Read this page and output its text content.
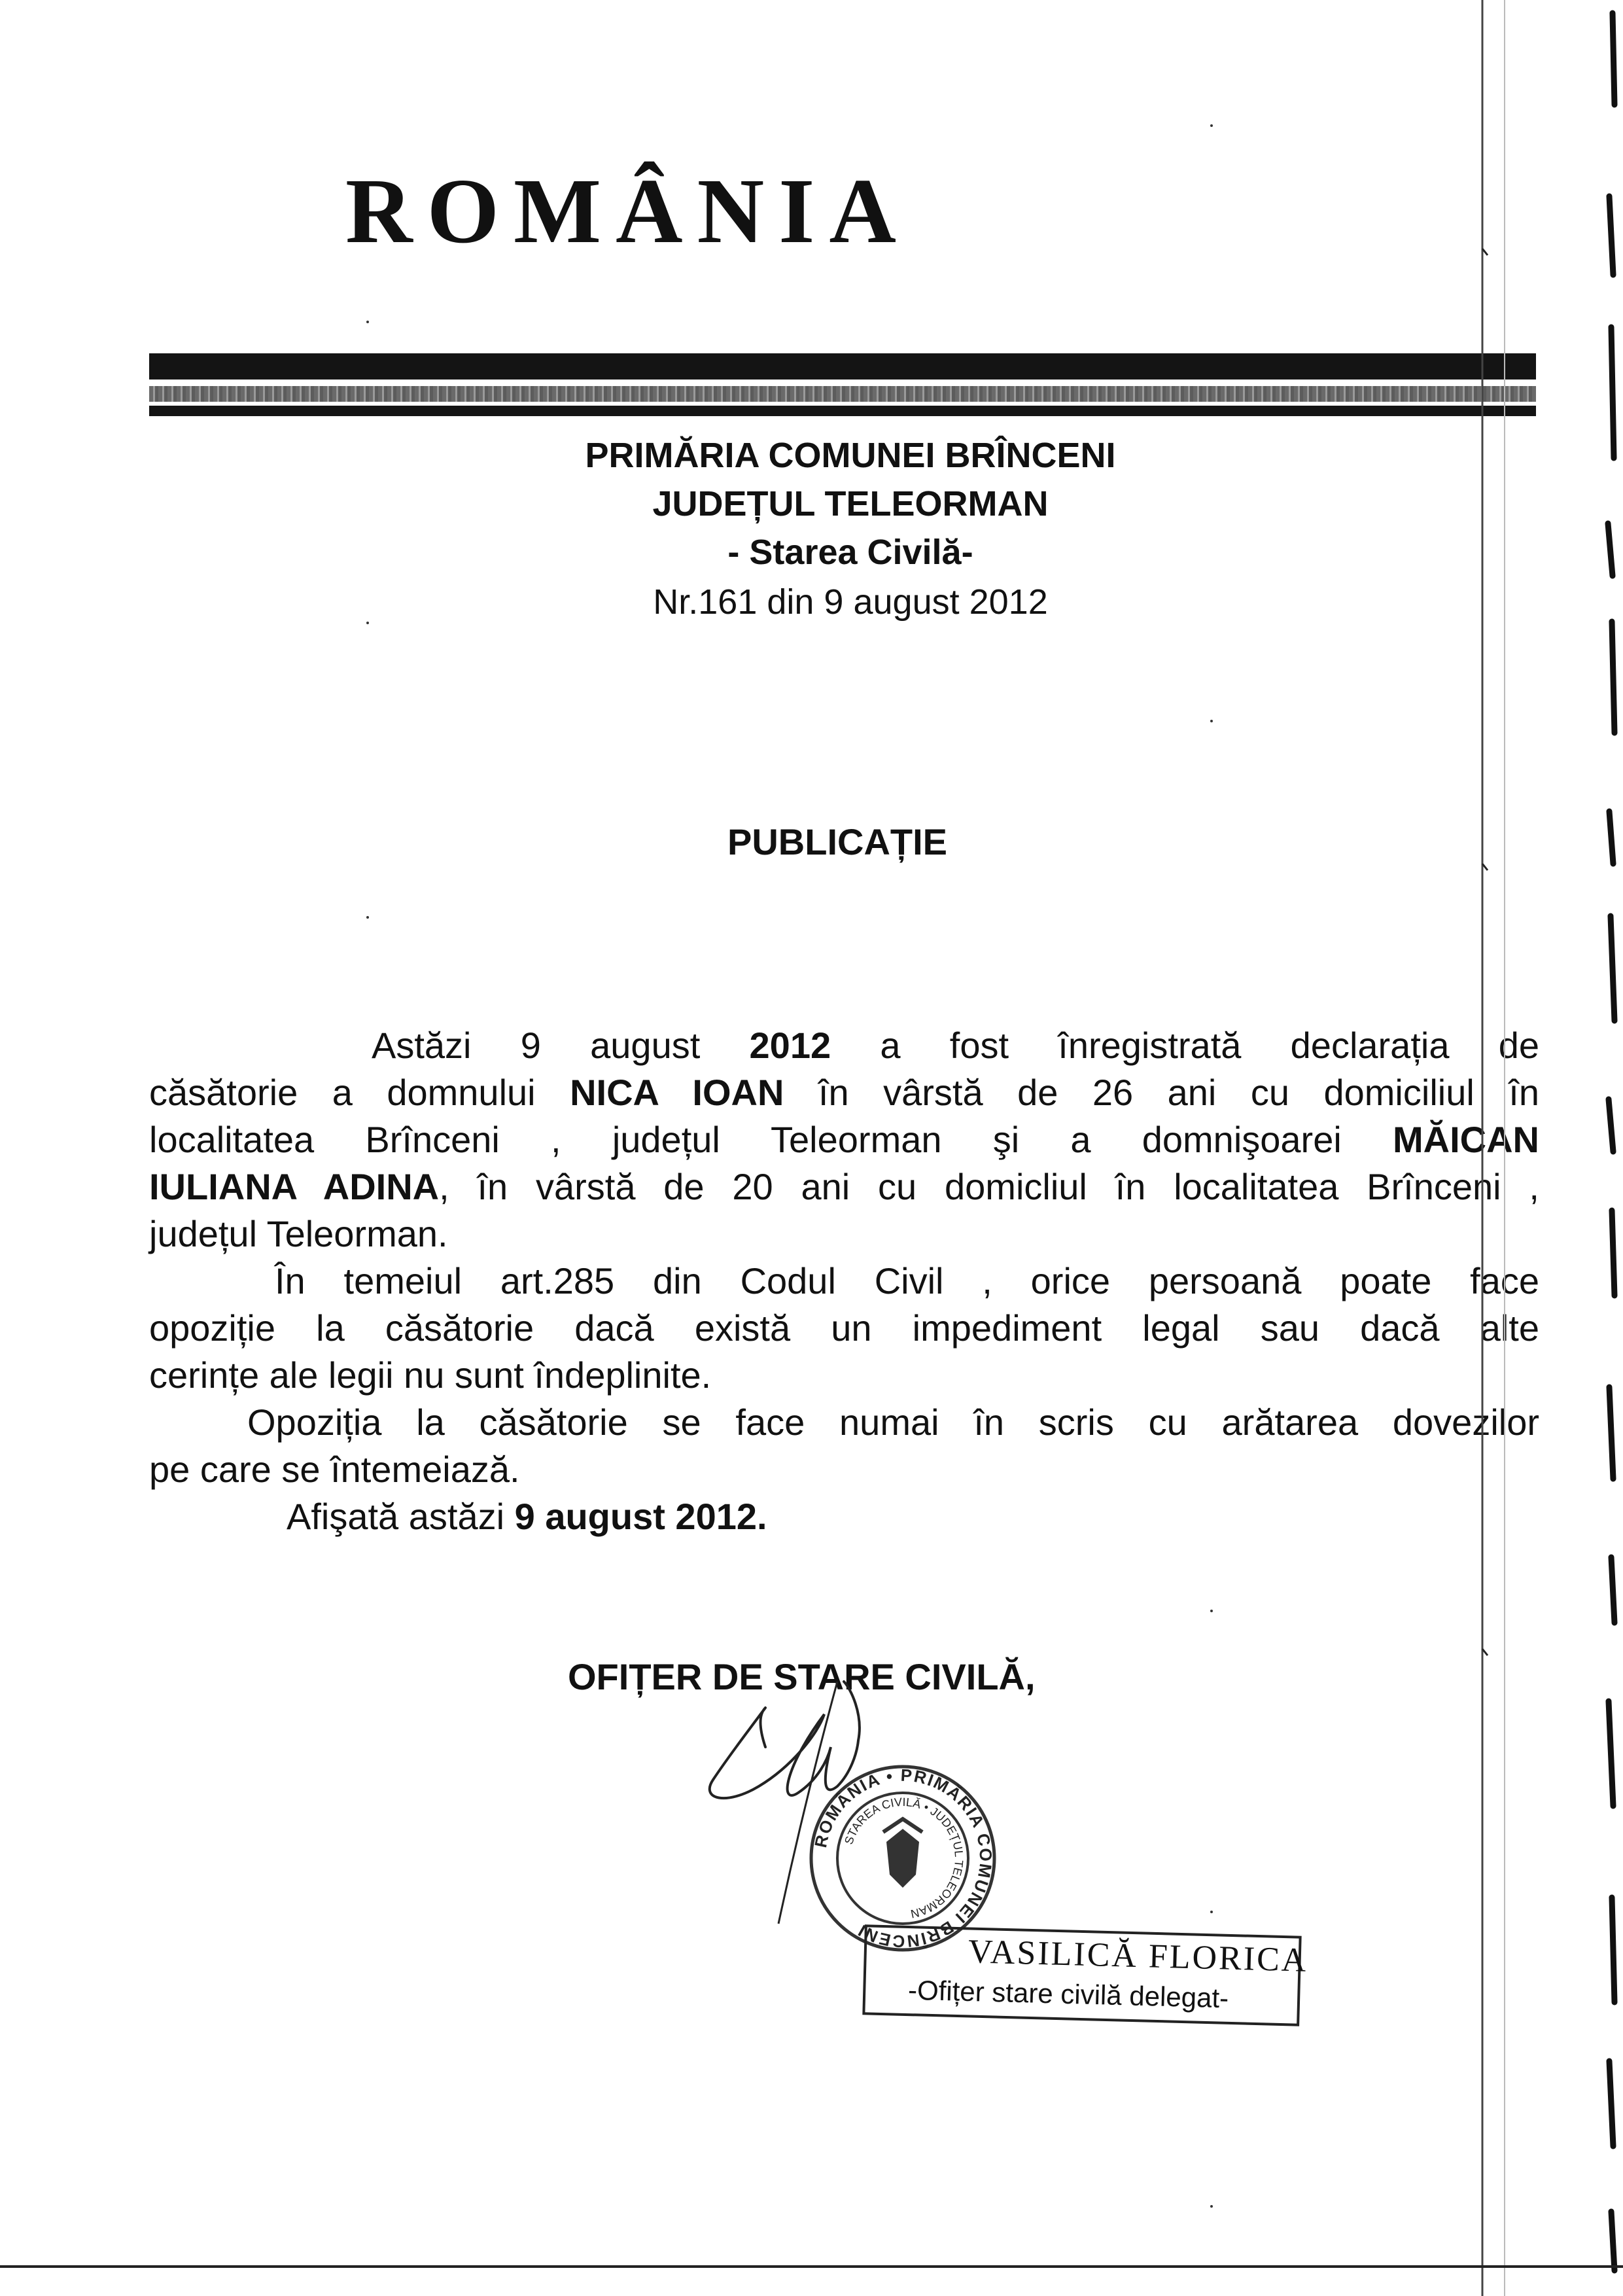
ROMÂNIA
PRIMĂRIA COMUNEI BRÎNCENI
JUDEȚUL TELEORMAN
- Starea Civilă-
Nr.161 din 9 august 2012
PUBLICAȚIE
Astăzi 9 august 2012 a fost înregistrată declarația de
căsătorie a domnului NICA IOAN în vârstă de 26 ani cu domiciliul în
localitatea Brînceni , județul Teleorman şi a domnişoarei MĂICAN
IULIANA ADINA, în vârstă de 20 ani cu domicliul în localitatea Brînceni ,
județul Teleorman.
În temeiul art.285 din Codul Civil , orice persoană poate face
opoziție la căsătorie dacă există un impediment legal sau dacă alte
cerințe ale legii nu sunt îndeplinite.
Opoziția la căsătorie se face numai în scris cu arătarea dovezilor
pe care se întemeiază.
Afişată astăzi 9 august 2012.
OFIȚER DE STARE CIVILĂ,
ROMÂNIA • PRIMĂRIA COMUNEI BRÎNCENI
STAREA CIVILĂ • JUDEȚUL TELEORMAN
VASILICĂ FLORICA
-Ofițer stare civilă delegat-
